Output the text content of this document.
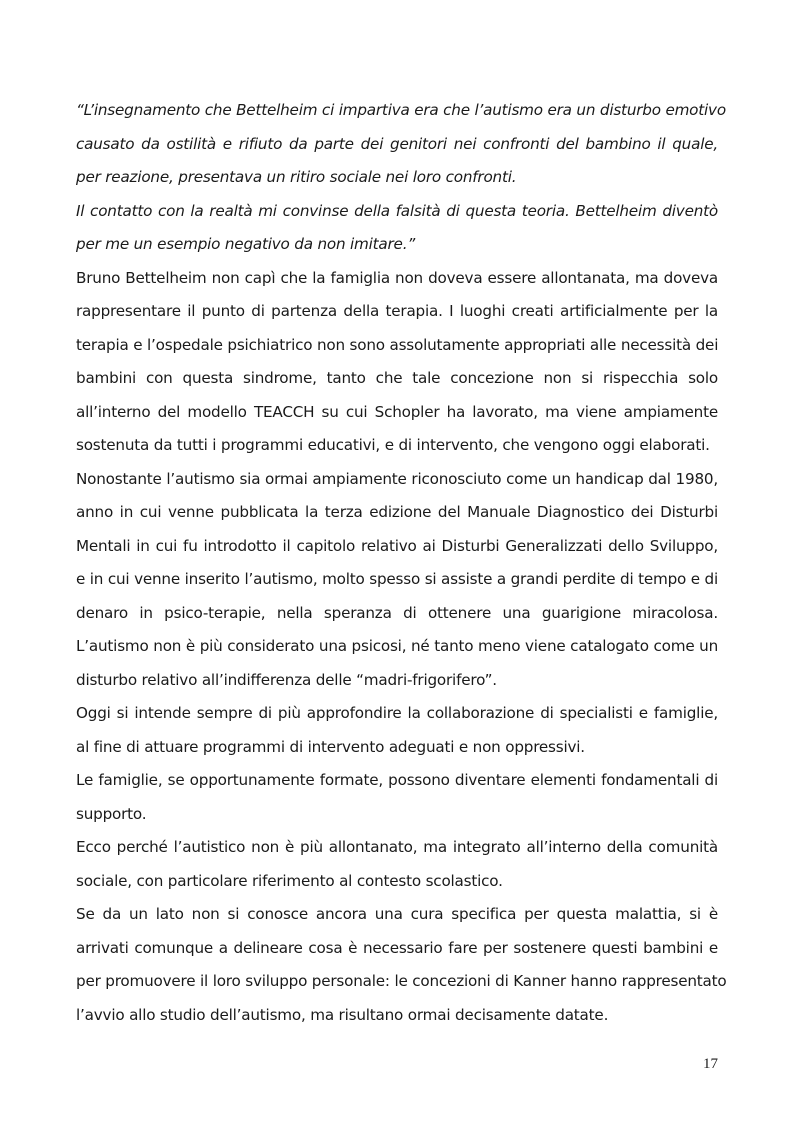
“L’insegnamento che Bettelheim ci impartiva era che l’autismo era un disturbo emotivo
causato da ostilità e rifiuto da parte dei genitori nei confronti del bambino il quale,
per reazione, presentava un ritiro sociale nei loro confronti.
Il contatto con la realtà mi convinse della falsità di questa teoria. Bettelheim diventò
per me un esempio negativo da non imitare.”
Bruno Bettelheim non capì che la famiglia non doveva essere allontanata, ma doveva
rappresentare il punto di partenza della terapia. I luoghi creati artificialmente per la
terapia e l’ospedale psichiatrico non sono assolutamente appropriati alle necessità dei
bambini con questa sindrome, tanto che tale concezione non si rispecchia solo
all’interno del modello TEACCH su cui Schopler ha lavorato, ma viene ampiamente
sostenuta da tutti i programmi educativi, e di intervento, che vengono oggi elaborati.
Nonostante l’autismo sia ormai ampiamente riconosciuto come un handicap dal 1980,
anno in cui venne pubblicata la terza edizione del Manuale Diagnostico dei Disturbi
Mentali in cui fu introdotto il capitolo relativo ai Disturbi Generalizzati dello Sviluppo,
e in cui venne inserito l’autismo, molto spesso si assiste a grandi perdite di tempo e di
denaro in psico-terapie, nella speranza di ottenere una guarigione miracolosa.
L’autismo non è più considerato una psicosi, né tanto meno viene catalogato come un
disturbo relativo all’indifferenza delle “madri-frigorifero”.
Oggi si intende sempre di più approfondire la collaborazione di specialisti e famiglie,
al fine di attuare programmi di intervento adeguati e non oppressivi.
Le famiglie, se opportunamente formate, possono diventare elementi fondamentali di
supporto.
Ecco perché l’autistico non è più allontanato, ma integrato all’interno della comunità
sociale, con particolare riferimento al contesto scolastico.
Se da un lato non si conosce ancora una cura specifica per questa malattia, si è
arrivati comunque a delineare cosa è necessario fare per sostenere questi bambini e
per promuovere il loro sviluppo personale: le concezioni di Kanner hanno rappresentato
l’avvio allo studio dell’autismo, ma risultano ormai decisamente datate.
17
